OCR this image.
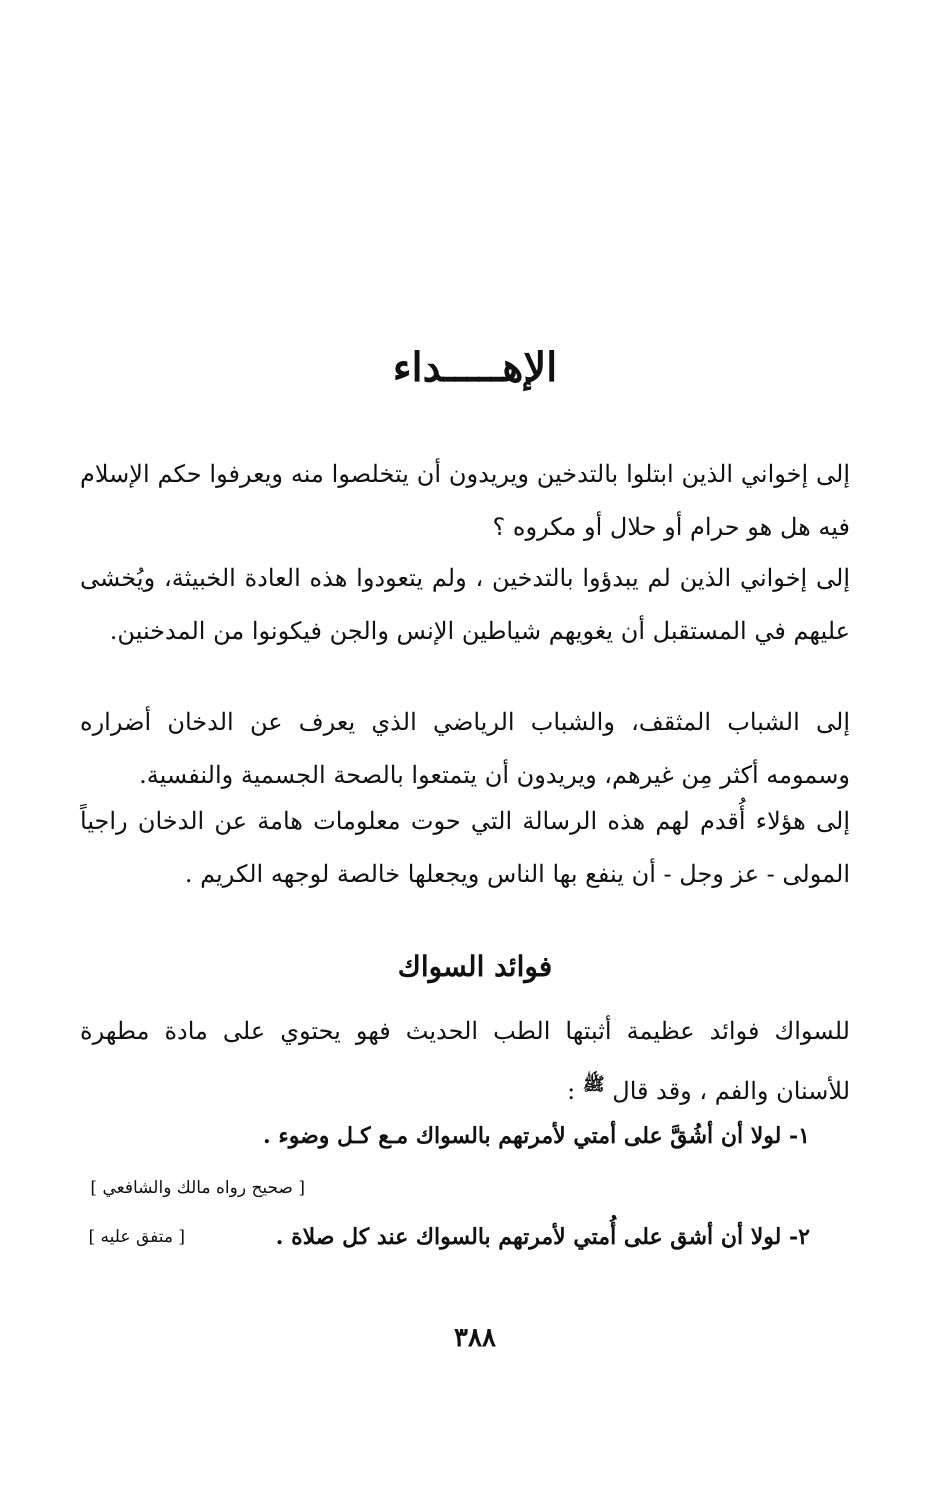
الإهـــــداء
إلى إخواني الذين ابتلوا بالتدخين ويريدون أن يتخلصوا منه ويعرفوا حكم الإسلام فيه هل هو حرام أو حلال أو مكروه ؟
إلى إخواني الذين لم يبدؤوا بالتدخين ، ولم يتعودوا هذه العادة الخبيثة، ويُخشى عليهم في المستقبل أن يغويهم شياطين الإنس والجن فيكونوا من المدخنين.
إلى الشباب المثقف، والشباب الرياضي الذي يعرف عن الدخان أضراره وسمومه أكثر مِن غيرهم، ويريدون أن يتمتعوا بالصحة الجسمية والنفسية.
إلى هؤلاء أُقدم لهم هذه الرسالة التي حوت معلومات هامة عن الدخان راجياً المولى - عز وجل - أن ينفع بها الناس ويجعلها خالصة لوجهه الكريم .
فوائد السواك
للسواك فوائد عظيمة أثبتها الطب الحديث فهو يحتوي على مادة مطهرة للأسنان والفم ، وقد قال $^ﷺ$ :
١- لولا أن أشُقَّ على أمتي لأمرتهم بالسواك مـع كـل وضوء .
[ صحيح رواه مالك والشافعي ]
٢- لولا أن أشق على أُمتي لأمرتهم بالسواك عند كل صلاة .
[ متفق عليه ]
٣٨٨
